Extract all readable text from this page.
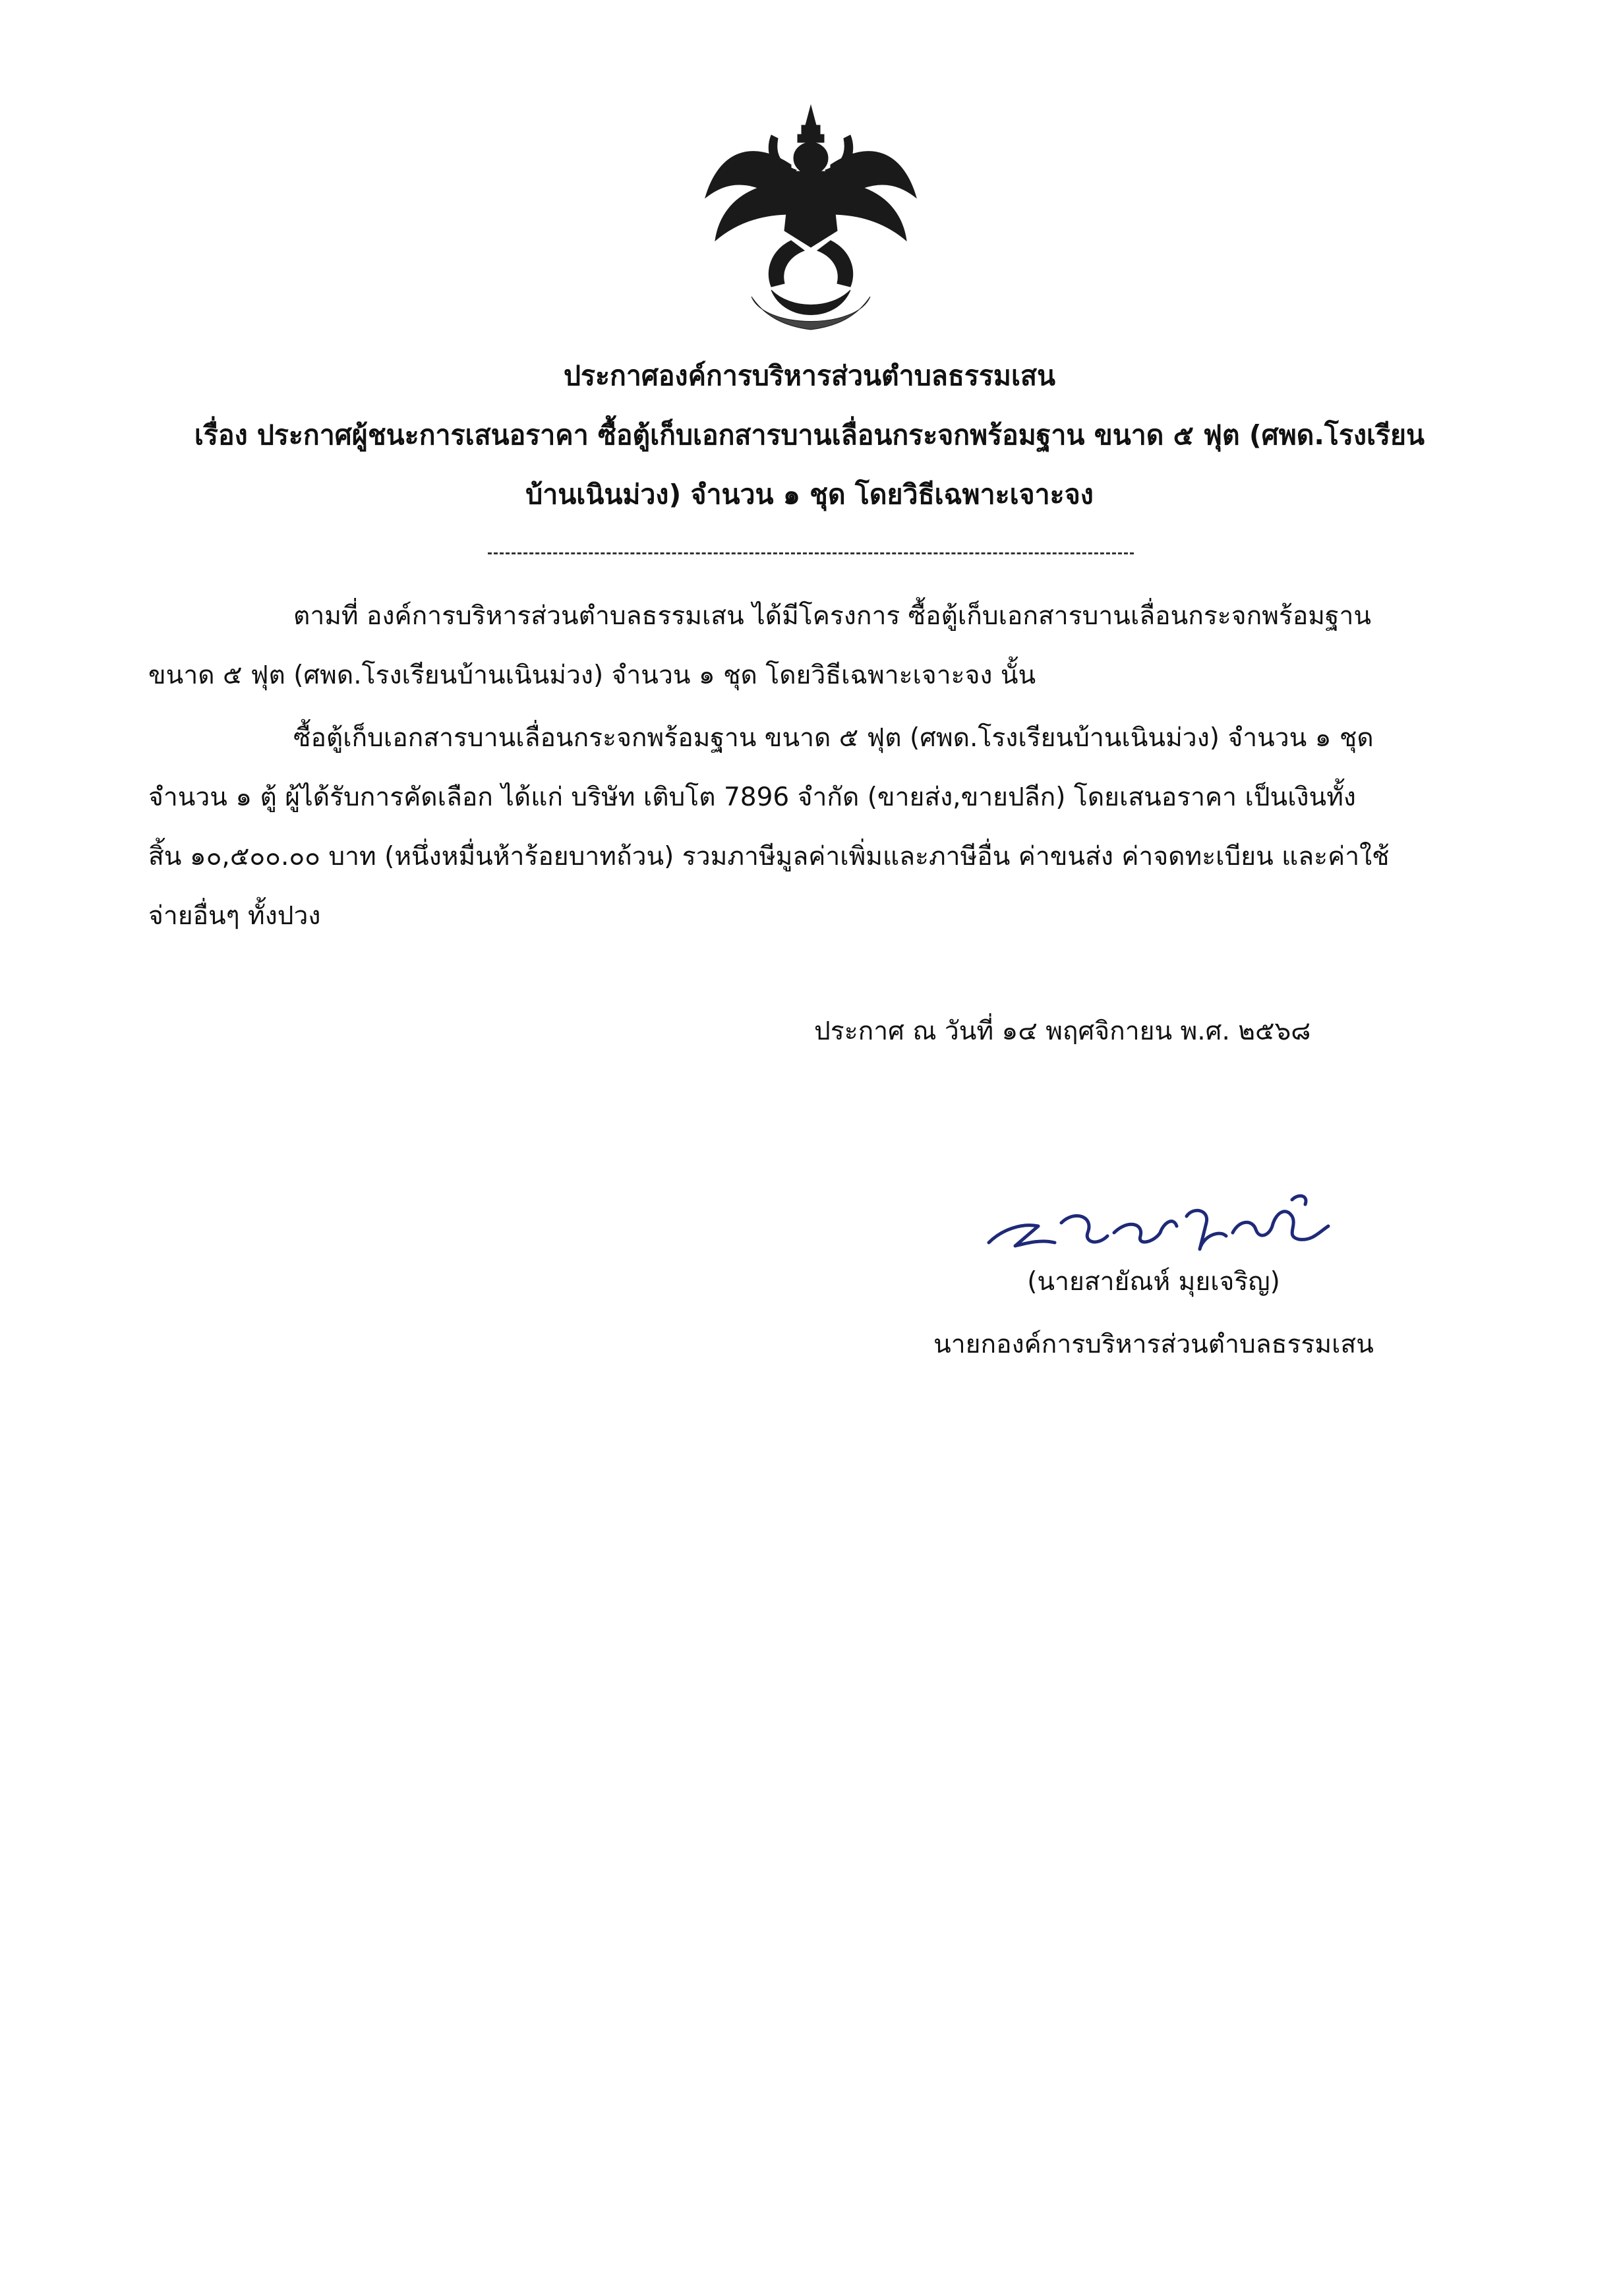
ประกาศองค์การบริหารส่วนตำบลธรรมเสน
เรื่อง ประกาศผู้ชนะการเสนอราคา ซื้อตู้เก็บเอกสารบานเลื่อนกระจกพร้อมฐาน ขนาด ๕ ฟุต (ศพด.โรงเรียน
บ้านเนินม่วง) จำนวน ๑ ชุด โดยวิธีเฉพาะเจาะจง
ตามที่ องค์การบริหารส่วนตำบลธรรมเสน ได้มีโครงการ ซื้อตู้เก็บเอกสารบานเลื่อนกระจกพร้อมฐาน
ขนาด ๕ ฟุต (ศพด.โรงเรียนบ้านเนินม่วง) จำนวน ๑ ชุด โดยวิธีเฉพาะเจาะจง นั้น
ซื้อตู้เก็บเอกสารบานเลื่อนกระจกพร้อมฐาน ขนาด ๕ ฟุต (ศพด.โรงเรียนบ้านเนินม่วง) จำนวน ๑ ชุด
จำนวน ๑ ตู้ ผู้ได้รับการคัดเลือก ได้แก่ บริษัท เติบโต 7896 จำกัด (ขายส่ง,ขายปลีก) โดยเสนอราคา เป็นเงินทั้ง
สิ้น ๑๐,๕๐๐.๐๐ บาท (หนึ่งหมื่นห้าร้อยบาทถ้วน) รวมภาษีมูลค่าเพิ่มและภาษีอื่น ค่าขนส่ง ค่าจดทะเบียน และค่าใช้
จ่ายอื่นๆ ทั้งปวง
ประกาศ ณ วันที่ ๑๔ พฤศจิกายน พ.ศ. ๒๕๖๘
(นายสายัณห์ มุยเจริญ)
นายกองค์การบริหารส่วนตำบลธรรมเสน
